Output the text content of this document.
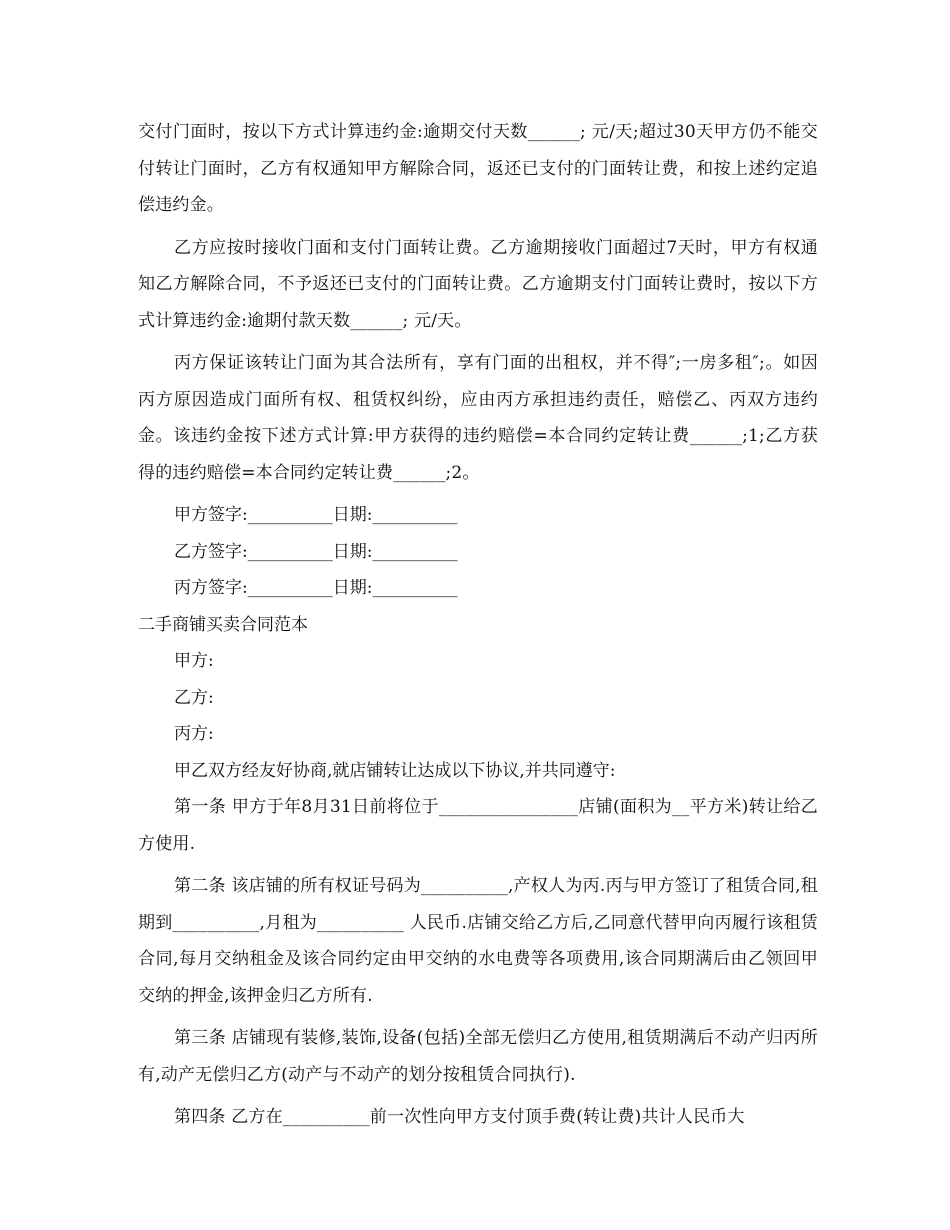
交付门面时，按以下方式计算违约金:逾期交付天数______; 元/天;超过30天甲方仍不能交付转让门面时，乙方有权通知甲方解除合同，返还已支付的门面转让费，和按上述约定追偿违约金。

乙方应按时接收门面和支付门面转让费。乙方逾期接收门面超过7天时，甲方有权通知乙方解除合同，不予返还已支付的门面转让费。乙方逾期支付门面转让费时，按以下方式计算违约金:逾期付款天数______; 元/天。

丙方保证该转让门面为其合法所有，享有门面的出租权，并不得″;一房多租″;。如因丙方原因造成门面所有权、租赁权纠纷，应由丙方承担违约责任，赔偿乙、丙双方违约金。该违约金按下述方式计算:甲方获得的违约赔偿=本合同约定转让费______;1;乙方获得的违约赔偿=本合同约定转让费______;2。

甲方签字:__________日期:__________

乙方签字:__________日期:__________

丙方签字:__________日期:__________

二手商铺买卖合同范本

甲方:

乙方:

丙方:

甲乙双方经友好协商,就店铺转让达成以下协议,并共同遵守:

第一条 甲方于年8月31日前将位于________________店铺(面积为__平方米)转让给乙方使用.

第二条 该店铺的所有权证号码为__________,产权人为丙.丙与甲方签订了租赁合同,租期到__________,月租为__________ 人民币.店铺交给乙方后,乙同意代替甲向丙履行该租赁合同,每月交纳租金及该合同约定由甲交纳的水电费等各项费用,该合同期满后由乙领回甲交纳的押金,该押金归乙方所有.

第三条 店铺现有装修,装饰,设备(包括)全部无偿归乙方使用,租赁期满后不动产归丙所有,动产无偿归乙方(动产与不动产的划分按租赁合同执行).

第四条 乙方在__________前一次性向甲方支付顶手费(转让费)共计人民币大
